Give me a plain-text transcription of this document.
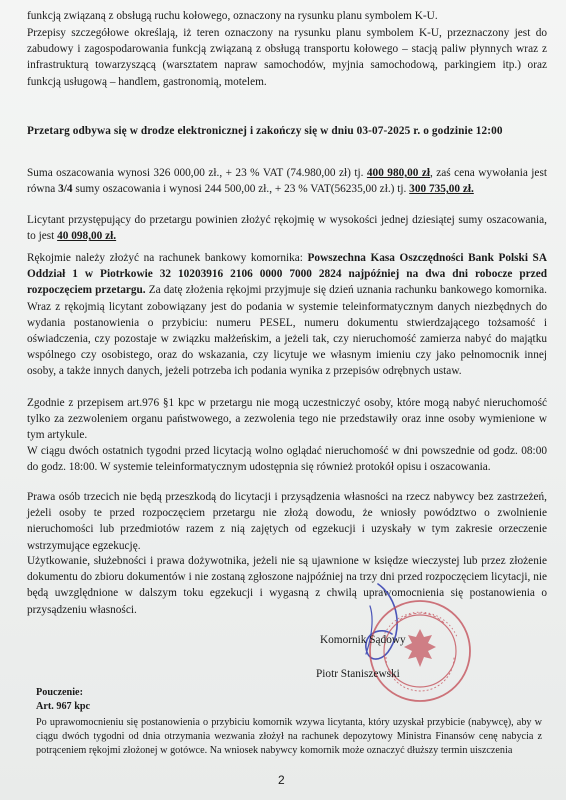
funkcją związaną z obsługą ruchu kołowego, oznaczony na rysunku planu symbolem K-U.

Przepisy szczegółowe określają, iż teren oznaczony na rysunku planu symbolem K-U, przeznaczony jest do zabudowy i zagospodarowania funkcją związaną z obsługą transportu kołowego – stacją paliw płynnych wraz z infrastrukturą towarzyszącą (warsztatem napraw samochodów, myjnia samochodową, parkingiem itp.) oraz funkcją usługową – handlem, gastronomią, motelem.

Przetarg odbywa się w drodze elektronicznej i zakończy się w dniu 03-07-2025 r. o godzinie 12:00

Suma oszacowania wynosi 326 000,00 zł., + 23 % VAT (74.980,00 zł) tj. 400 980,00 zł, zaś cena wywołania jest równa 3/4 sumy oszacowania i wynosi 244 500,00 zł., + 23 % VAT(56235,00 zł.) tj. 300 735,00 zł.

Licytant przystępujący do przetargu powinien złożyć rękojmię w wysokości jednej dziesiątej sumy oszacowania, to jest 40 098,00 zł.

Rękojmie należy złożyć na rachunek bankowy komornika: Powszechna Kasa Oszczędności Bank Polski SA Oddział 1 w Piotrkowie 32 10203916 2106 0000 7000 2824 najpóźniej na dwa dni robocze przed rozpoczęciem przetargu. Za datę złożenia rękojmi przyjmuje się dzień uznania rachunku bankowego komornika. Wraz z rękojmią licytant zobowiązany jest do podania w systemie teleinformatycznym danych niezbędnych do wydania postanowienia o przybiciu: numeru PESEL, numeru dokumentu stwierdzającego tożsamość i oświadczenia, czy pozostaje w związku małżeńskim, a jeżeli tak, czy nieruchomość zamierza nabyć do majątku wspólnego czy osobistego, oraz do wskazania, czy licytuje we własnym imieniu czy jako pełnomocnik innej osoby, a także innych danych, jeżeli potrzeba ich podania wynika z przepisów odrębnych ustaw.

Zgodnie z przepisem art.976 §1 kpc w przetargu nie mogą uczestniczyć osoby, które mogą nabyć nieruchomość tylko za zezwoleniem organu państwowego, a zezwolenia tego nie przedstawiły oraz inne osoby wymienione w tym artykule.

W ciągu dwóch ostatnich tygodni przed licytacją wolno oglądać nieruchomość w dni powszednie od godz. 08:00 do godz. 18:00. W systemie teleinformatycznym udostępnia się również protokół opisu i oszacowania.

Prawa osób trzecich nie będą przeszkodą do licytacji i przysądzenia własności na rzecz nabywcy bez zastrzeżeń, jeżeli osoby te przed rozpoczęciem przetargu nie złożą dowodu, że wniosły powództwo o zwolnienie nieruchomości lub przedmiotów razem z nią zajętych od egzekucji i uzyskały w tym zakresie orzeczenie wstrzymujące egzekucję.

Użytkowanie, służebności i prawa dożywotnika, jeżeli nie są ujawnione w księdze wieczystej lub przez złożenie dokumentu do zbioru dokumentów i nie zostaną zgłoszone najpóźniej na trzy dni przed rozpoczęciem licytacji, nie będą uwzględnione w dalszym toku egzekucji i wygasną z chwilą uprawomocnienia się postanowienia o przysądzeniu własności.

Komornik Sądowy

Piotr Staniszewski

Pouczenie:

Art. 967 kpc

Po uprawomocnieniu się postanowienia o przybiciu komornik wzywa licytanta, który uzyskał przybicie (nabywcę), aby w ciągu dwóch tygodni od dnia otrzymania wezwania złożył na rachunek depozytowy Ministra Finansów cenę nabycia z potrąceniem rękojmi złożonej w gotówce. Na wniosek nabywcy komornik może oznaczyć dłuższy termin uiszczenia

2
